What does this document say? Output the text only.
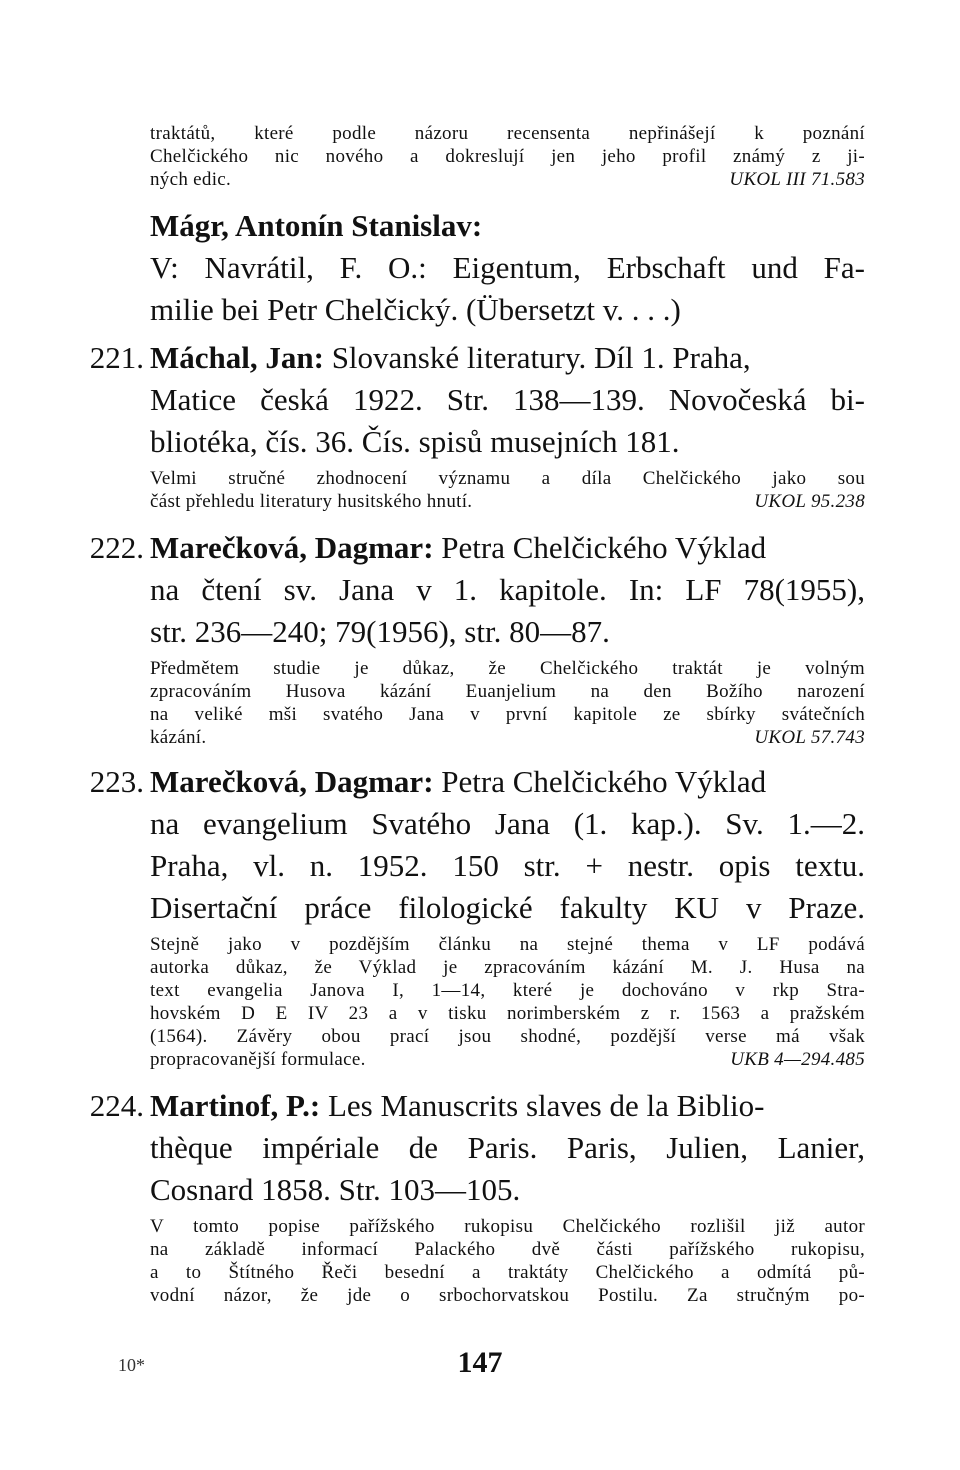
traktátů, které podle názoru recensenta nepřinášejí k poznání
Chelčického nic nového a dokreslují jen jeho profil známý z ji-
ných edic.	UKOL III 71.583
Mágr, Antonín Stanislav:
V: Navrátil, F. O.: Eigentum, Erbschaft und Fa-
milie bei Petr Chelčický. (Übersetzt v. . . .)
221. Máchal, Jan: Slovanské literatury. Díl 1. Praha,
Matice česká 1922. Str. 138—139. Novočeská bi-
bliotéka, čís. 36. Čís. spisů musejních 181.
Velmi stručné zhodnocení významu a díla Chelčického jako sou
část přehledu literatury husitského hnutí.	UKOL 95.238
222. Marečková, Dagmar: Petra Chelčického Výklad
na čtení sv. Jana v 1. kapitole. In: LF 78(1955),
str. 236—240; 79(1956), str. 80—87.
Předmětem studie je důkaz, že Chelčického traktát je volným
zpracováním Husova kázání Euanjelium na den Božího narození
na veliké mši svatého Jana v první kapitole ze sbírky svátečních
kázání.	UKOL 57.743
223. Marečková, Dagmar: Petra Chelčického Výklad
na evangelium Svatého Jana (1. kap.). Sv. 1.—2.
Praha, vl. n. 1952. 150 str. + nestr. opis textu.
Disertační práce filologické fakulty KU v Praze.
Stejně jako v pozdějším článku na stejné thema v LF podává
autorka důkaz, že Výklad je zpracováním kázání M. J. Husa na
text evangelia Janova I, 1—14, které je dochováno v rkp Stra-
hovském D E IV 23 a v tisku norimberském z r. 1563 a pražském
(1564). Závěry obou prací jsou shodné, pozdější verse má však
propracovanější formulace.	UKB 4—294.485
224. Martinof, P.: Les Manuscrits slaves de la Biblio-
thèque impériale de Paris. Paris, Julien, Lanier,
Cosnard 1858. Str. 103—105.
V tomto popise pařížského rukopisu Chelčického rozlišil již autor
na základě informací Palackého dvě části pařížského rukopisu,
a to Štítného Řeči besední a traktáty Chelčického a odmítá pů-
vodní názor, že jde o srbochorvatskou Postilu. Za stručným po-
10*	147
